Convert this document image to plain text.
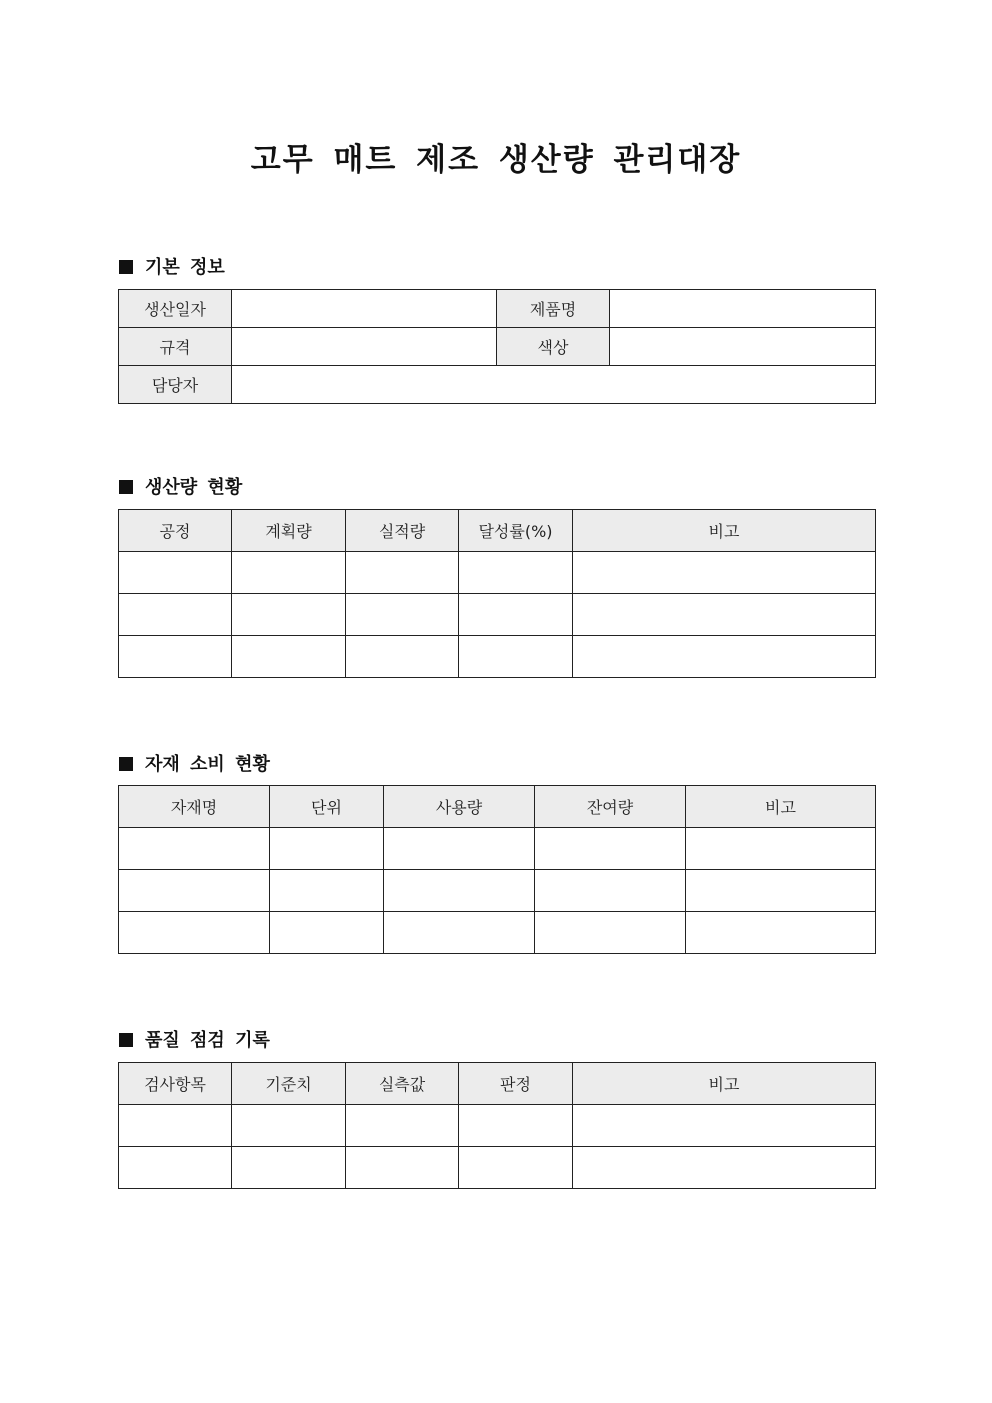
고무 매트 제조 생산량 관리대장
기본 정보
생산일자		제품명	
규격		색상	
담당자			
생산량 현황
공정	계획량	실적량	달성률(%)	비고

자재 소비 현황
자재명	단위	사용량	잔여량	비고

품질 점검 기록
검사항목	기준치	실측값	판정	비고
